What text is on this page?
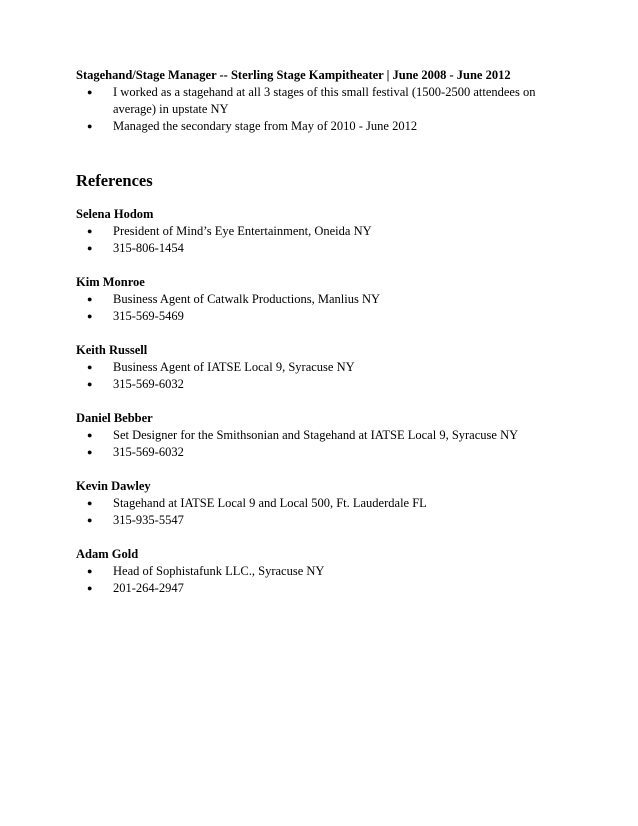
Stagehand/Stage Manager -- Sterling Stage Kampitheater | June 2008 - June 2012

● I worked as a stagehand at all 3 stages of this small festival (1500-2500 attendees on average) in upstate NY
● Managed the secondary stage from May of 2010 - June 2012
References

Selena Hodom

● President of Mind’s Eye Entertainment, Oneida NY
● 315-806-1454

Kim Monroe

● Business Agent of Catwalk Productions, Manlius NY
● 315-569-5469

Keith Russell

● Business Agent of IATSE Local 9, Syracuse NY
● 315-569-6032

Daniel Bebber

● Set Designer for the Smithsonian and Stagehand at IATSE Local 9, Syracuse NY
● 315-569-6032

Kevin Dawley

● Stagehand at IATSE Local 9 and Local 500, Ft. Lauderdale FL
● 315-935-5547

Adam Gold

● Head of Sophistafunk LLC., Syracuse NY
● 201-264-2947
